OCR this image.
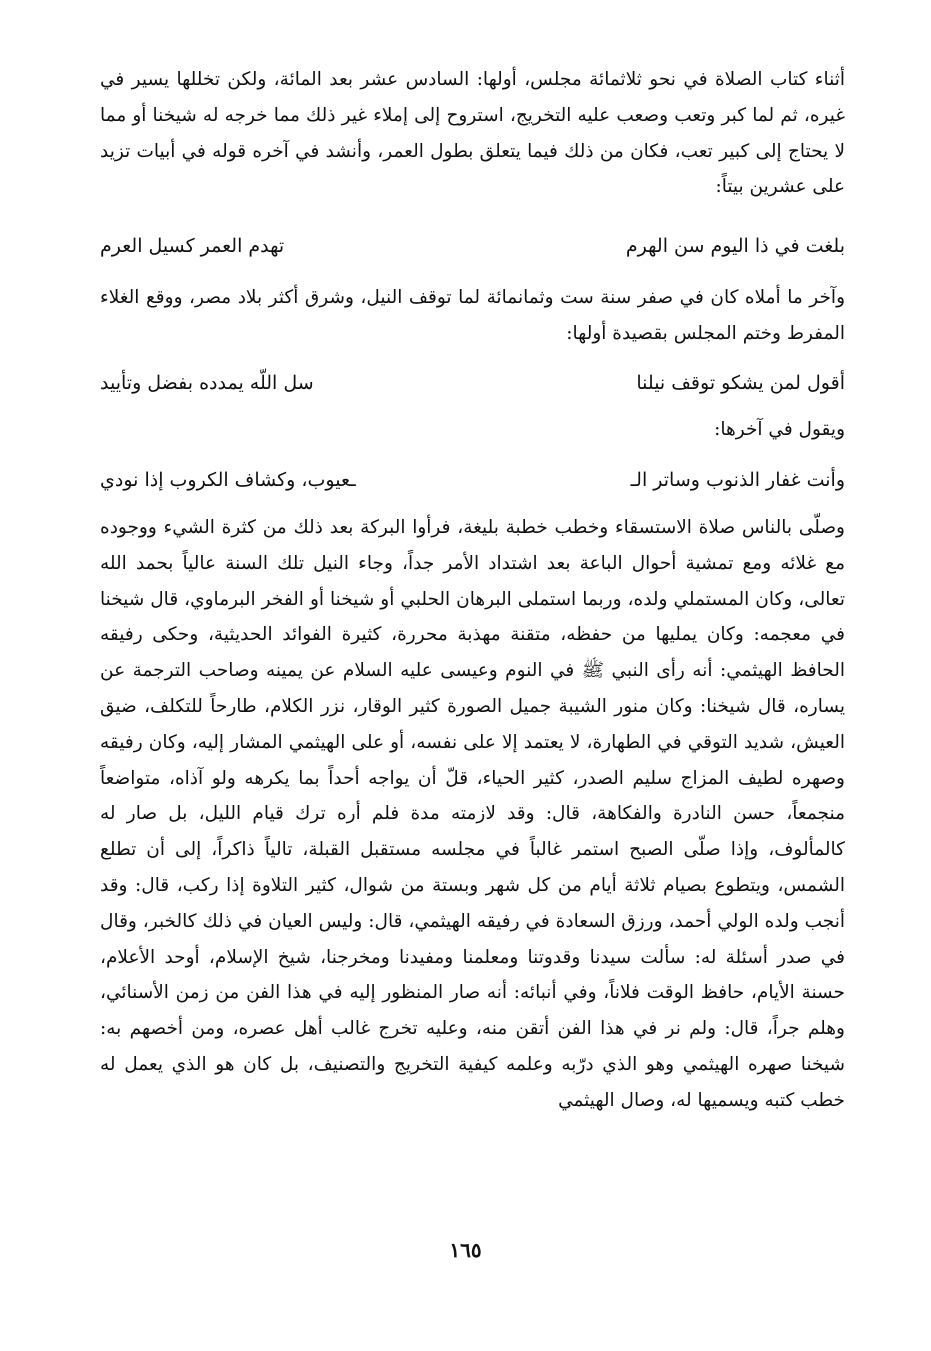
أثناء كتاب الصلاة في نحو ثلاثمائة مجلس، أولها: السادس عشر بعد المائة، ولكن تخللها يسير في غيره، ثم لما كبر وتعب وصعب عليه التخريج، استروح إلى إملاء غير ذلك مما خرجه له شيخنا أو مما لا يحتاج إلى كبير تعب، فكان من ذلك فيما يتعلق بطول العمر، وأنشد في آخره قوله في أبيات تزيد على عشرين بيتاً:

بلغت في ذا اليوم سن الهرم
تهدم العمر كسيل العرم

وآخر ما أملاه كان في صفر سنة ست وثمانمائة لما توقف النيل، وشرق أكثر بلاد مصر، ووقع الغلاء المفرط وختم المجلس بقصيدة أولها:

أقول لمن يشكو توقف نيلنا
سل اللّه يمدده بفضل وتأييد

ويقول في آخرها:

وأنت غفار الذنوب وساتر الـ
ـعيوب، وكشاف الكروب إذا نودي

وصلّى بالناس صلاة الاستسقاء وخطب خطبة بليغة، فرأوا البركة بعد ذلك من كثرة الشيء ووجوده مع غلائه ومع تمشية أحوال الباعة بعد اشتداد الأمر جداً، وجاء النيل تلك السنة عالياً بحمد الله تعالى، وكان المستملي ولده، وربما استملى البرهان الحلبي أو شيخنا أو الفخر البرماوي، قال شيخنا في معجمه: وكان يمليها من حفظه، متقنة مهذبة محررة، كثيرة الفوائد الحديثية، وحكى رفيقه الحافظ الهيثمي: أنه رأى النبي ﷺ في النوم وعيسى عليه السلام عن يمينه وصاحب الترجمة عن يساره، قال شيخنا: وكان منور الشيبة جميل الصورة كثير الوقار، نزر الكلام، طارحاً للتكلف، ضيق العيش، شديد التوقي في الطهارة، لا يعتمد إلا على نفسه، أو على الهيثمي المشار إليه، وكان رفيقه وصهره لطيف المزاج سليم الصدر، كثير الحياء، قلّ أن يواجه أحداً بما يكرهه ولو آذاه، متواضعاً منجمعاً، حسن النادرة والفكاهة، قال: وقد لازمته مدة فلم أره ترك قيام الليل، بل صار له كالمألوف، وإذا صلّى الصبح استمر غالباً في مجلسه مستقبل القبلة، تالياً ذاكراً، إلى أن تطلع الشمس، ويتطوع بصيام ثلاثة أيام من كل شهر وبستة من شوال، كثير التلاوة إذا ركب، قال: وقد أنجب ولده الولي أحمد، ورزق السعادة في رفيقه الهيثمي، قال: وليس العيان في ذلك كالخبر، وقال في صدر أسئلة له: سألت سيدنا وقدوتنا ومعلمنا ومفيدنا ومخرجنا، شيخ الإسلام، أوحد الأعلام، حسنة الأيام، حافظ الوقت فلاناً، وفي أنبائه: أنه صار المنظور إليه في هذا الفن من زمن الأسنائي، وهلم جراً، قال: ولم نر في هذا الفن أتقن منه، وعليه تخرج غالب أهل عصره، ومن أخصهم به: شيخنا صهره الهيثمي وهو الذي درّبه وعلمه كيفية التخريج والتصنيف، بل كان هو الذي يعمل له خطب كتبه ويسميها له، وصال الهيثمي

١٦٥
